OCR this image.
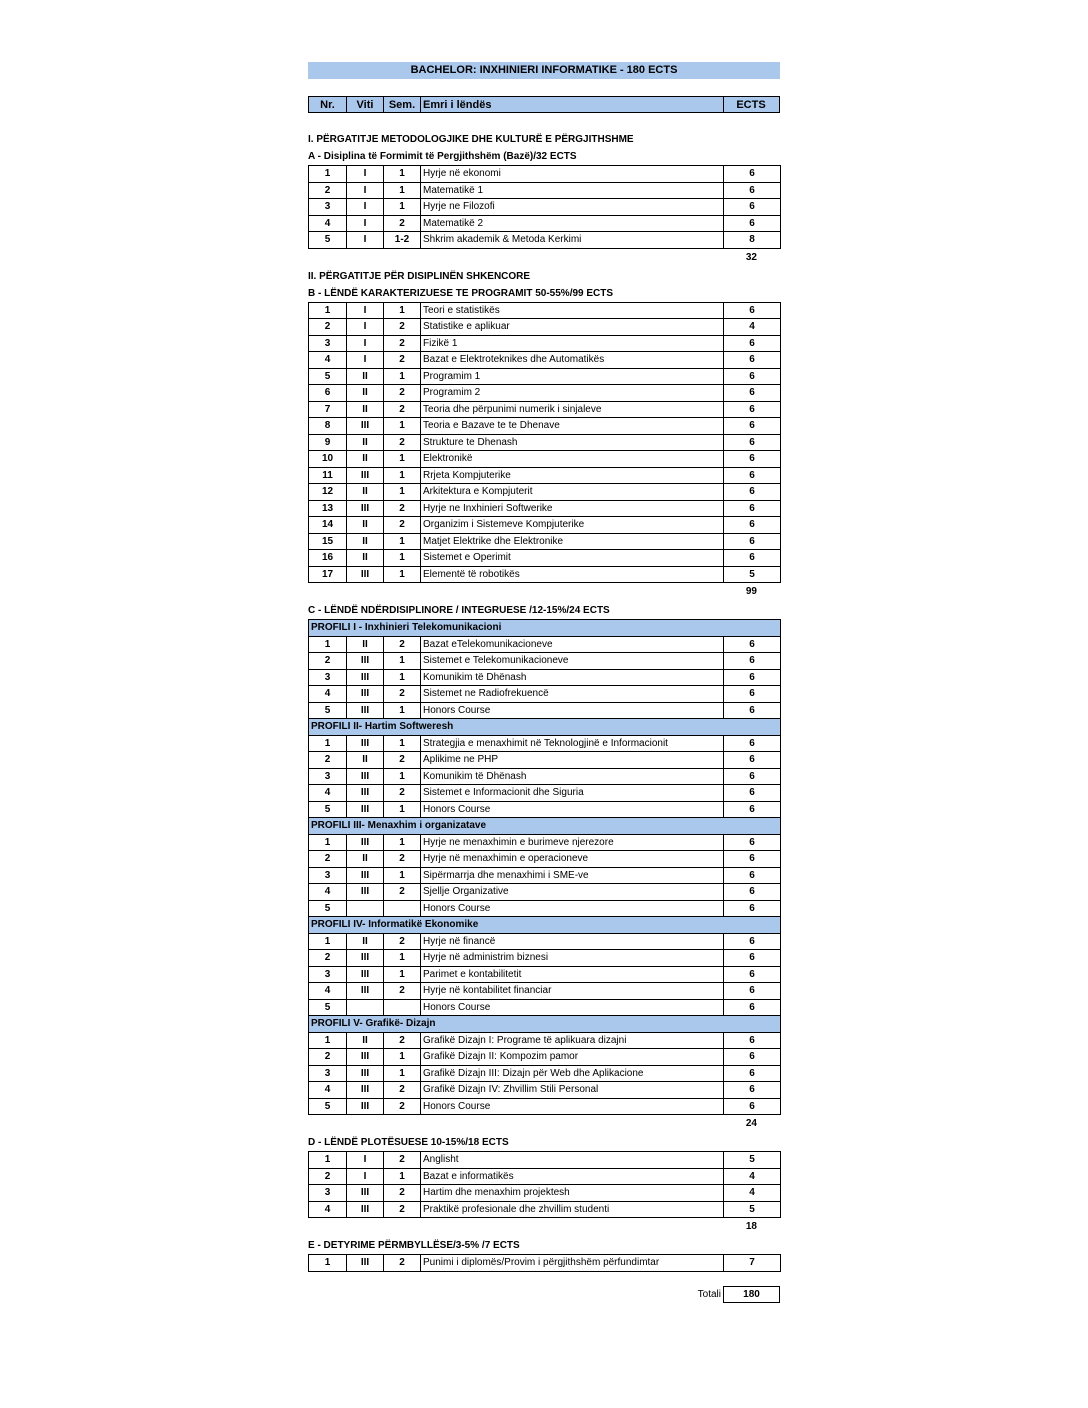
BACHELOR: INXHINIERI INFORMATIKE - 180 ECTS
Nr.	Viti	Sem. Emri i lëndës	ECTS
I. PËRGATITJE METODOLOGJIKE DHE KULTURË E PËRGJITHSHME
A - Disiplina të Formimit të Pergjithshëm (Bazë)/32 ECTS
1	I	1	Hyrje në ekonomi	6
2	I	1	Matematikë 1	6
3	I	1	Hyrje ne Filozofi	6
4	I	2	Matematikë 2	6
5	I	1-2	Shkrim akademik & Metoda Kerkimi	8
32
II. PËRGATITJE PËR DISIPLINËN SHKENCORE
B - LËNDË KARAKTERIZUESE TE PROGRAMIT 50-55%/99 ECTS
1	I	1	Teori e statistikës	6
2	I	2	Statistike e aplikuar	4
3	I	2	Fizikë 1	6
4	I	2	Bazat e Elektroteknikes dhe Automatikës	6
5	II	1	Programim 1	6
6	II	2	Programim 2	6
7	II	2	Teoria dhe përpunimi numerik i sinjaleve	6
8	III	1	Teoria e Bazave te te Dhenave	6
9	II	2	Strukture te Dhenash	6
10	II	1	Elektronikë	6
11	III	1	Rrjeta Kompjuterike	6
12	II	1	Arkitektura e Kompjuterit	6
13	III	2	Hyrje ne Inxhinieri Softwerike	6
14	II	2	Organizim i Sistemeve Kompjuterike	6
15	II	1	Matjet Elektrike dhe Elektronike	6
16	II	1	Sistemet e Operimit	6
17	III	1	Elementë të robotikës	5
99
C - LËNDË NDËRDISIPLINORE / INTEGRUESE /12-15%/24 ECTS
PROFILI I - Inxhinieri Telekomunikacioni				
1	II	2	Bazat eTelekomunikacioneve	6
2	III	1	Sistemet e Telekomunikacioneve	6
3	III	1	Komunikim të Dhënash	6
4	III	2	Sistemet ne Radiofrekuencë	6
5	III	1	Honors Course	6
PROFILI II- Hartim Softweresh				
1	III	1	Strategjia e menaxhimit në Teknologjinë e Informacionit	6
2	II	2	Aplikime ne PHP	6
3	III	1	Komunikim të Dhënash	6
4	III	2	Sistemet e Informacionit dhe Siguria	6
5	III	1	Honors Course	6
PROFILI III- Menaxhim i organizatave				
1	III	1	Hyrje ne menaxhimin e burimeve njerezore	6
2	II	2	Hyrje në menaxhimin e operacioneve	6
3	III	1	Sipërmarrja dhe menaxhimi i SME-ve	6
4	III	2	Sjellje Organizative	6
5			Honors Course	6
PROFILI IV- Informatikë Ekonomike				
1	II	2	Hyrje në financë	6
2	III	1	Hyrje në administrim biznesi	6
3	III	1	Parimet e kontabilitetit	6
4	III	2	Hyrje në kontabilitet financiar	6
5			Honors Course	6
PROFILI V- Grafikë- Dizajn				
1	II	2	Grafikë Dizajn I: Programe të aplikuara dizajni	6
2	III	1	Grafikë Dizajn II: Kompozim pamor	6
3	III	1	Grafikë Dizajn III: Dizajn për Web dhe Aplikacione	6
4	III	2	Grafikë Dizajn IV: Zhvillim Stili Personal	6
5	III	2	Honors Course	6
24
D - LËNDË PLOTËSUESE 10-15%/18 ECTS
1	I	2	Anglisht	5
2	I	1	Bazat e informatikës	4
3	III	2	Hartim dhe menaxhim projektesh	4
4	III	2	Praktikë profesionale dhe zhvillim studenti	5
18
E - DETYRIME PËRMBYLLËSE/3-5% /7 ECTS
1	III	2	Punimi i diplomës/Provim i përgjithshëm përfundimtar	7
Totali	180
